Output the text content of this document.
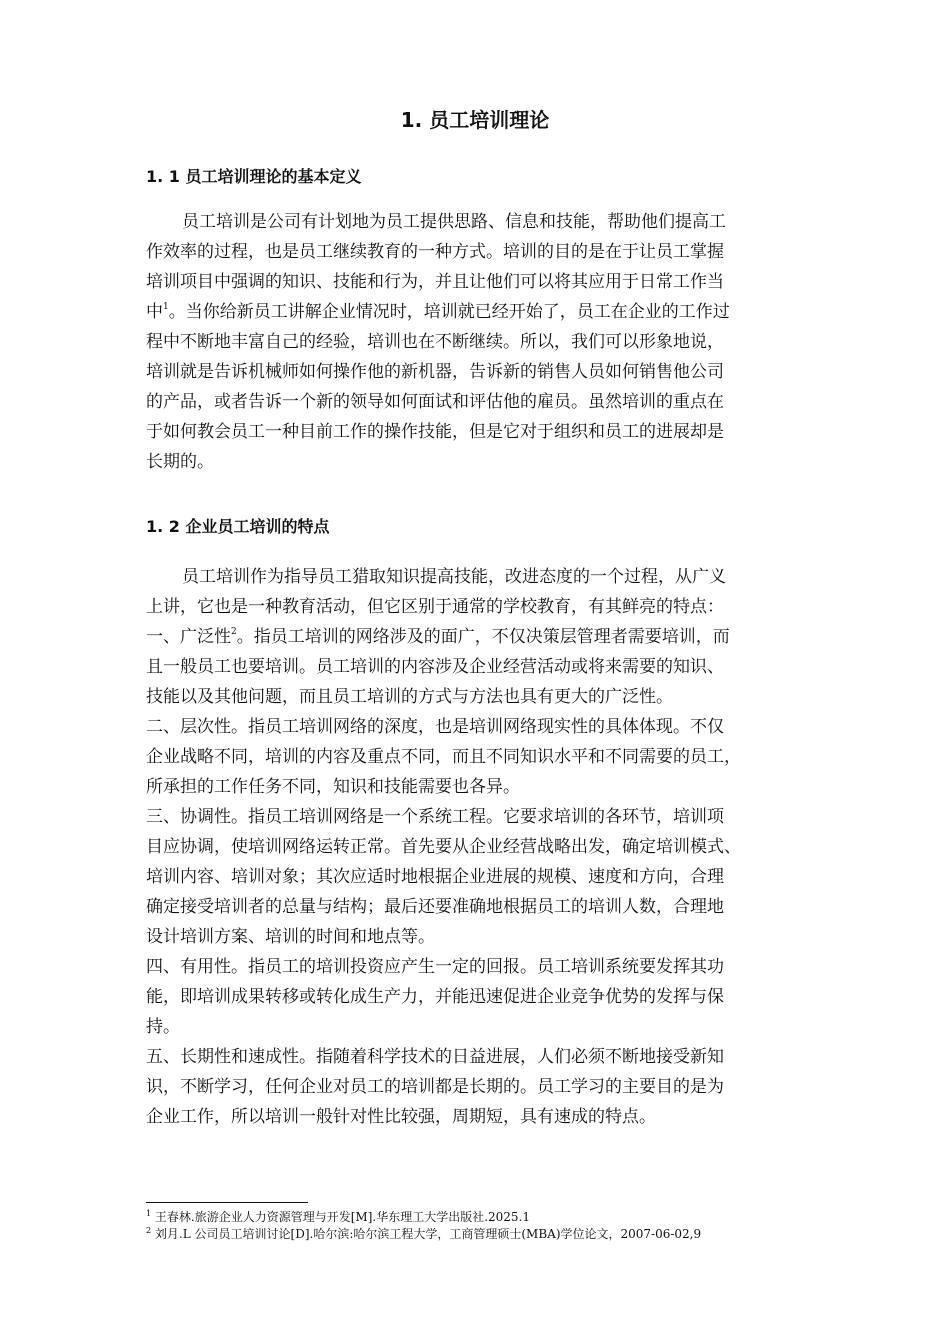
1. 员工培训理论
1. 1 员工培训理论的基本定义
员工培训是公司有计划地为员工提供思路、信息和技能，帮助他们提高工
作效率的过程，也是员工继续教育的一种方式。培训的目的是在于让员工掌握
培训项目中强调的知识、技能和行为，并且让他们可以将其应用于日常工作当
中$^1$。当你给新员工讲解企业情况时，培训就已经开始了，员工在企业的工作过
程中不断地丰富自己的经验，培训也在不断继续。所以，我们可以形象地说，
培训就是告诉机械师如何操作他的新机器，告诉新的销售人员如何销售他公司
的产品，或者告诉一个新的领导如何面试和评估他的雇员。虽然培训的重点在
于如何教会员工一种目前工作的操作技能，但是它对于组织和员工的进展却是
长期的。
1. 2 企业员工培训的特点
员工培训作为指导员工猎取知识提高技能，改进态度的一个过程，从广义
上讲，它也是一种教育活动，但它区别于通常的学校教育，有其鲜亮的特点：
一、广泛性$^2$。指员工培训的网络涉及的面广，不仅决策层管理者需要培训，而
且一般员工也要培训。员工培训的内容涉及企业经营活动或将来需要的知识、
技能以及其他问题，而且员工培训的方式与方法也具有更大的广泛性。
二、层次性。指员工培训网络的深度，也是培训网络现实性的具体体现。不仅
企业战略不同，培训的内容及重点不同，而且不同知识水平和不同需要的员工，
所承担的工作任务不同，知识和技能需要也各异。
三、协调性。指员工培训网络是一个系统工程。它要求培训的各环节，培训项
目应协调，使培训网络运转正常。首先要从企业经营战略出发，确定培训模式、
培训内容、培训对象；其次应适时地根据企业进展的规模、速度和方向，合理
确定接受培训者的总量与结构；最后还要准确地根据员工的培训人数，合理地
设计培训方案、培训的时间和地点等。
四、有用性。指员工的培训投资应产生一定的回报。员工培训系统要发挥其功
能，即培训成果转移或转化成生产力，并能迅速促进企业竞争优势的发挥与保
持。
五、长期性和速成性。指随着科学技术的日益进展，人们必须不断地接受新知
识，不断学习，任何企业对员工的培训都是长期的。员工学习的主要目的是为
企业工作，所以培训一般针对性比较强，周期短，具有速成的特点。
$^1$ 王春林.旅游企业人力资源管理与开发[M].华东理工大学出版社.2025.1
$^2$ 刘月.L 公司员工培训讨论[D].哈尔滨:哈尔滨工程大学，工商管理硕士(MBA)学位论文，2007-06-02,9
